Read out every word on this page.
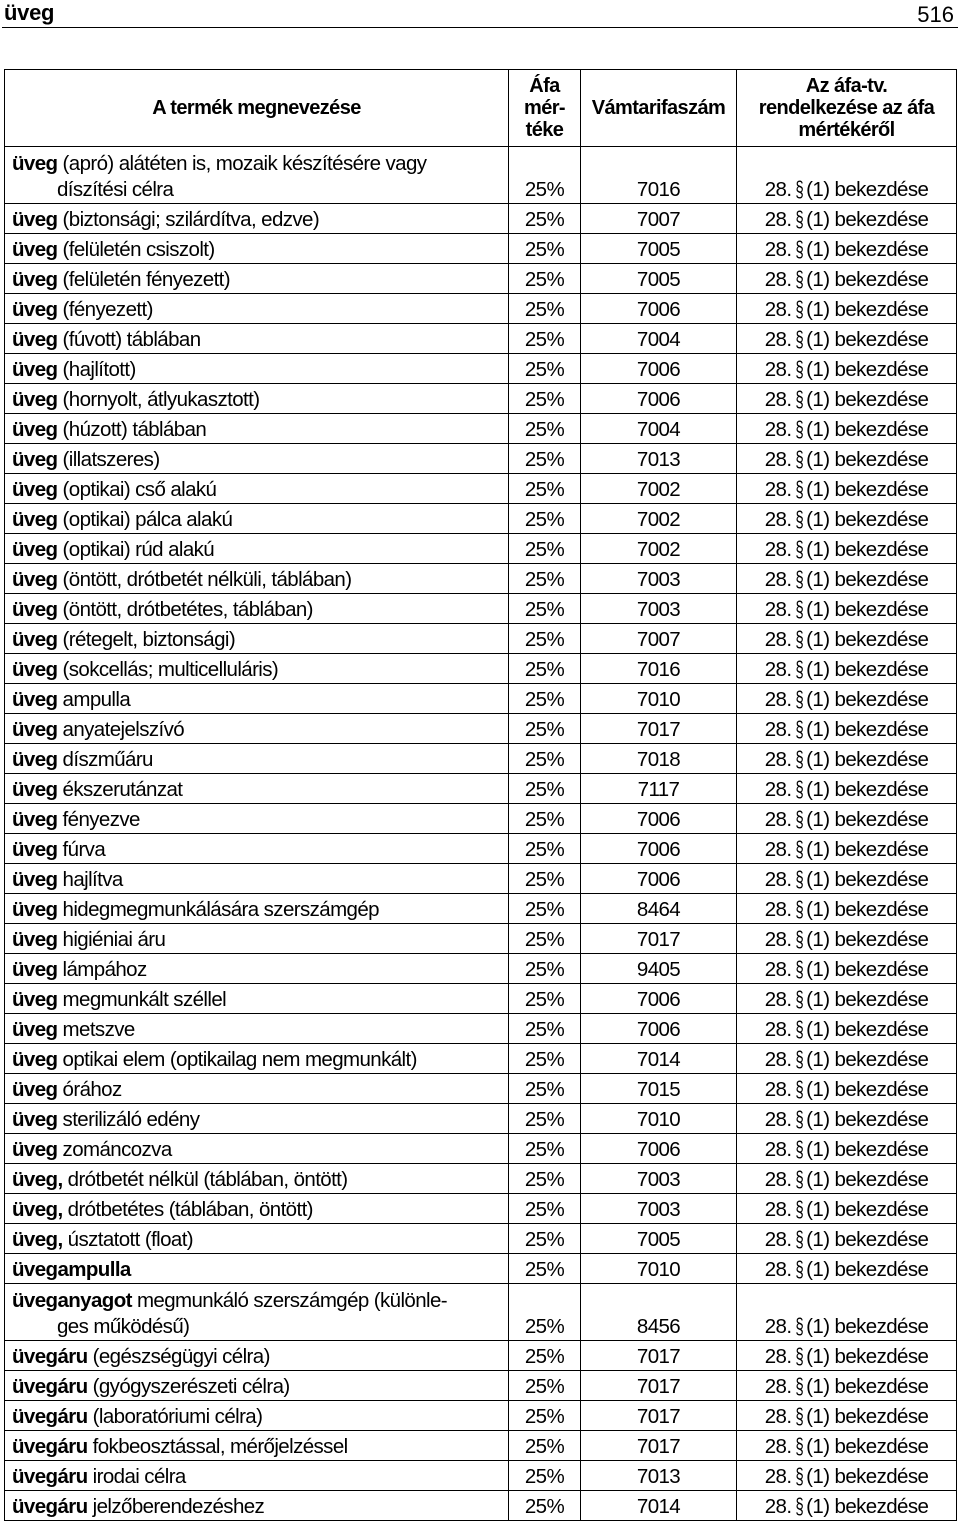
üveg	516
A termék megnevezése	Áfa
mér-
téke	Vámtarifaszám	Az áfa-tv.
rendelkezése az áfa
mértékéről
üveg (apró) alátéten is, mozaik készítésére vagy
díszítési célra	25%	7016	28. § (1) bekezdése
üveg (biztonsági; szilárdítva, edzve)	25%	7007	28. § (1) bekezdése
üveg (felületén csiszolt)	25%	7005	28. § (1) bekezdése
üveg (felületén fényezett)	25%	7005	28. § (1) bekezdése
üveg (fényezett)	25%	7006	28. § (1) bekezdése
üveg (fúvott) táblában	25%	7004	28. § (1) bekezdése
üveg (hajlított)	25%	7006	28. § (1) bekezdése
üveg (hornyolt, átlyukasztott)	25%	7006	28. § (1) bekezdése
üveg (húzott) táblában	25%	7004	28. § (1) bekezdése
üveg (illatszeres)	25%	7013	28. § (1) bekezdése
üveg (optikai) cső alakú	25%	7002	28. § (1) bekezdése
üveg (optikai) pálca alakú	25%	7002	28. § (1) bekezdése
üveg (optikai) rúd alakú	25%	7002	28. § (1) bekezdése
üveg (öntött, drótbetét nélküli, táblában)	25%	7003	28. § (1) bekezdése
üveg (öntött, drótbetétes, táblában)	25%	7003	28. § (1) bekezdése
üveg (rétegelt, biztonsági)	25%	7007	28. § (1) bekezdése
üveg (sokcellás; multicelluláris)	25%	7016	28. § (1) bekezdése
üveg ampulla	25%	7010	28. § (1) bekezdése
üveg anyatejelszívó	25%	7017	28. § (1) bekezdése
üveg díszműáru	25%	7018	28. § (1) bekezdése
üveg ékszerutánzat	25%	7117	28. § (1) bekezdése
üveg fényezve	25%	7006	28. § (1) bekezdése
üveg fúrva	25%	7006	28. § (1) bekezdése
üveg hajlítva	25%	7006	28. § (1) bekezdése
üveg hidegmegmunkálására szerszámgép	25%	8464	28. § (1) bekezdése
üveg higiéniai áru	25%	7017	28. § (1) bekezdése
üveg lámpához	25%	9405	28. § (1) bekezdése
üveg megmunkált széllel	25%	7006	28. § (1) bekezdése
üveg metszve	25%	7006	28. § (1) bekezdése
üveg optikai elem (optikailag nem megmunkált)	25%	7014	28. § (1) bekezdése
üveg órához	25%	7015	28. § (1) bekezdése
üveg sterilizáló edény	25%	7010	28. § (1) bekezdése
üveg zománcozva	25%	7006	28. § (1) bekezdése
üveg, drótbetét nélkül (táblában, öntött)	25%	7003	28. § (1) bekezdése
üveg, drótbetétes (táblában, öntött)	25%	7003	28. § (1) bekezdése
üveg, úsztatott (float)	25%	7005	28. § (1) bekezdése
üvegampulla	25%	7010	28. § (1) bekezdése
üveganyagot megmunkáló szerszámgép (különle-
ges működésű)	25%	8456	28. § (1) bekezdése
üvegáru (egészségügyi célra)	25%	7017	28. § (1) bekezdése
üvegáru (gyógyszerészeti célra)	25%	7017	28. § (1) bekezdése
üvegáru (laboratóriumi célra)	25%	7017	28. § (1) bekezdése
üvegáru fokbeosztással, mérőjelzéssel	25%	7017	28. § (1) bekezdése
üvegáru irodai célra	25%	7013	28. § (1) bekezdése
üvegáru jelzőberendezéshez	25%	7014	28. § (1) bekezdése
